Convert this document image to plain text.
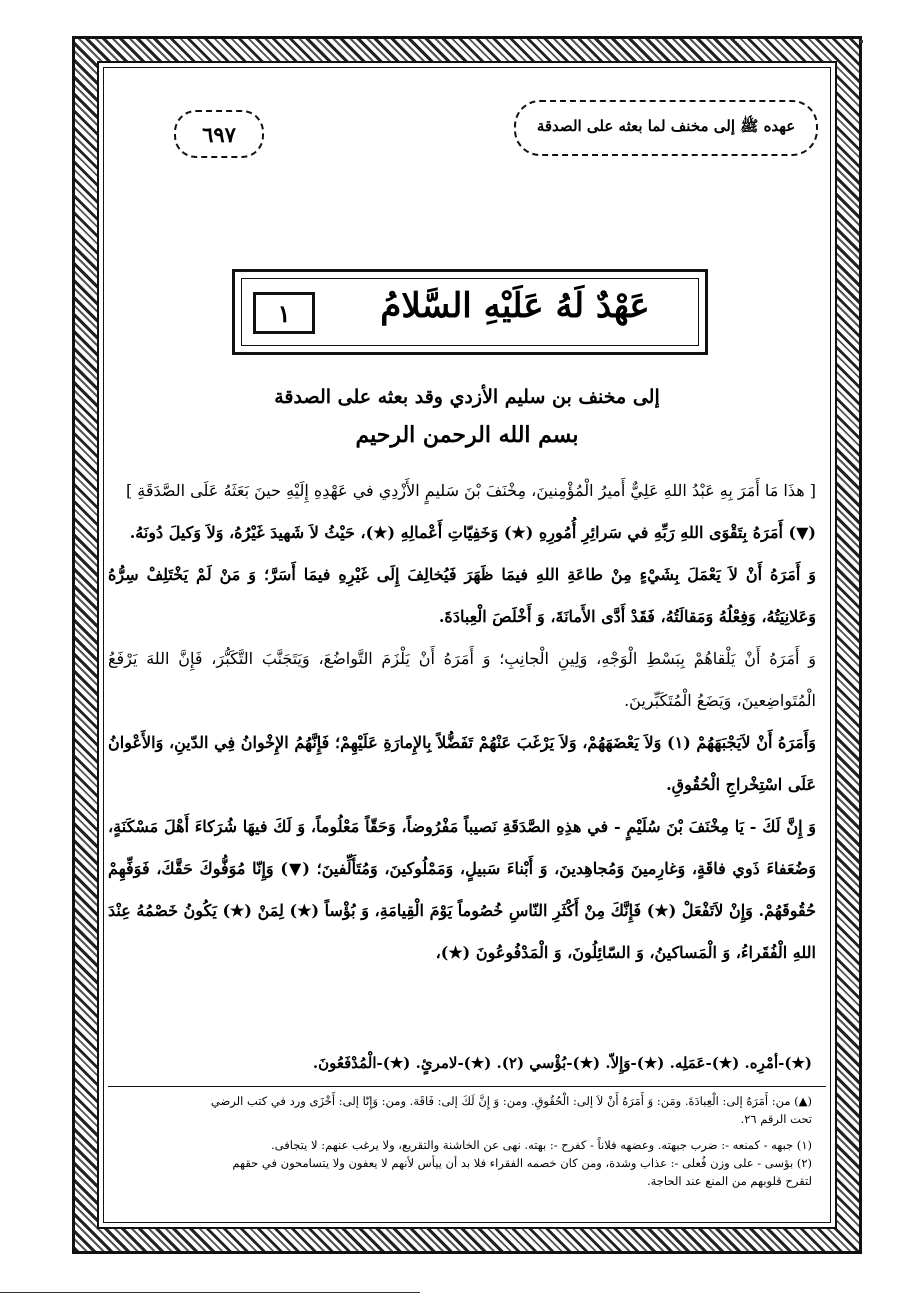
عهده ﷺ إلى مخنف لما بعثه على الصدقة
٦٩٧
عَهْدٌ لَهُ عَلَيْهِ السَّلامُ
١
إلى مخنف بن سليم الأزدي وقد بعثه على الصدقة
بسم الله الرحمن الرحيم

[ هذَا مَا أَمَرَ بِهِ عَبْدُ اللهِ عَلِيٌّ أَميرُ الْمُؤْمِنينَ، مِخْنَفَ بْنَ سَليمٍ الأَزْدِي في عَهْدِهِ إِلَيْهِ حينَ بَعَثَهُ عَلَى الصَّدَقَةِ ]

(▼) أَمَرَهُ بِتَقْوَى اللهِ رَبِّهِ في سَرائِرِ أُمُورِهِ (★) وَخَفِيّاتِ أَعْمالِهِ (★)، حَيْثُ لاَ شَهيدَ غَيْرُهُ، وَلاَ وَكيلَ دُونَهُ.

وَ أَمَرَهُ أَنْ لاَ يَعْمَلَ بِشَيْءٍ مِنْ طاعَةِ اللهِ فيمَا ظَهَرَ فَيُخالِفَ إِلَى غَيْرِهِ فيمَا أَسَرَّ؛ وَ مَنْ لَمْ يَخْتَلِفْ سِرُّهُ وَعَلانِيَتُهُ، وَفِعْلُهُ وَمَقالَتُهُ، فَقَدْ أَدَّى الأَمانَةَ، وَ أَخْلَصَ الْعِبادَةَ.

وَ أَمَرَهُ أَنْ يَلْقاهُمْ بِبَسْطِ الْوَجْهِ، وَلِينِ الْجانِبِ؛ وَ أَمَرَهُ أَنْ يَلْزَمَ التَّواضُعَ، وَيَتَجَنَّبَ التَّكَبُّرَ، فَإِنَّ اللهَ يَرْفَعُ الْمُتَواضِعينَ، وَيَضَعُ الْمُتَكَبِّرينَ.

وَأَمَرَهُ أَنْ لاَيَجْبَهَهُمْ (١) وَلاَ يَعْضَهَهُمْ، وَلاَ يَرْغَبَ عَنْهُمْ تَفَضُّلاً بِالإِمارَةِ عَلَيْهِمْ؛ فَإِنَّهُمُ الإِخْوانُ فِي الدّينِ، وَالأَعْوانُ عَلَى اسْتِخْراجِ الْحُقُوقِ.

وَ إِنَّ لَكَ - يَا مِخْنَفَ بْنَ سُلَيْمٍ - في هذِهِ الصَّدَقَةِ نَصيباً مَفْرُوضاً، وَحَقّاً مَعْلُوماً، وَ لَكَ فيهَا شُرَكاءَ أَهْلَ مَسْكَنَةٍ، وَضُعَفاءَ ذَوي فاقَةٍ، وَغارِمينَ وَمُجاهِدينَ، وَ أَبْناءَ سَبيلٍ، وَمَمْلُوكينَ، وَمُتَأَلِّفينَ؛ (▼) وَإِنّا مُوَفُّوكَ حَقَّكَ، فَوَفِّهِمْ حُقُوقَهُمْ. وَإِنْ لاَتَفْعَلْ (★) فَإِنَّكَ مِنْ أَكْثَرِ النّاسِ خُصُوماً يَوْمَ الْقِيامَةِ، وَ بُؤْساً (★) لِمَنْ (★) يَكُونُ خَصْمُهُ عِنْدَ اللهِ الْفُقَراءُ، وَ الْمَساكينُ، وَ السّائِلُونَ، وَ الْمَدْفُوعُونَ (★)،

(★)-أمْرِه. (★)-عَمَلِه. (★)-وَإِلاّ. (★)-بُؤْسي (٢). (★)-لامرئٍ. (★)-الْمُدْفَعُونَ.

(▲) من: أَمَرَهُ إلى: الْعِبادَةَ. ومَن: وَ أَمَرَهُ أَنْ لاَ إلى: الْحُقُوقِ. ومن: وَ إِنَّ لَكَ إلى: فَاقَة. ومن: وَإِنّا إلى: أَخْزَى ورد في كتب الرضي

تحت الرقم ٢٦.

(١) جبهه - كمنعه -: ضرب جبهته. وعضهه فلاناً - كفرح -: بهته. نهى عن الخاشنة والتقريع، ولا يرغب عنهم: لا يتجافى.

(٢) بؤسى - على وزن فُعلى -: عذاب وشدة، ومن كان خصمه الفقراء فلا بد أن ييأس لأنهم لا يعفون ولا يتسامحون في حقهم

لتقرح قلوبهم من المنع عند الحاجة.
